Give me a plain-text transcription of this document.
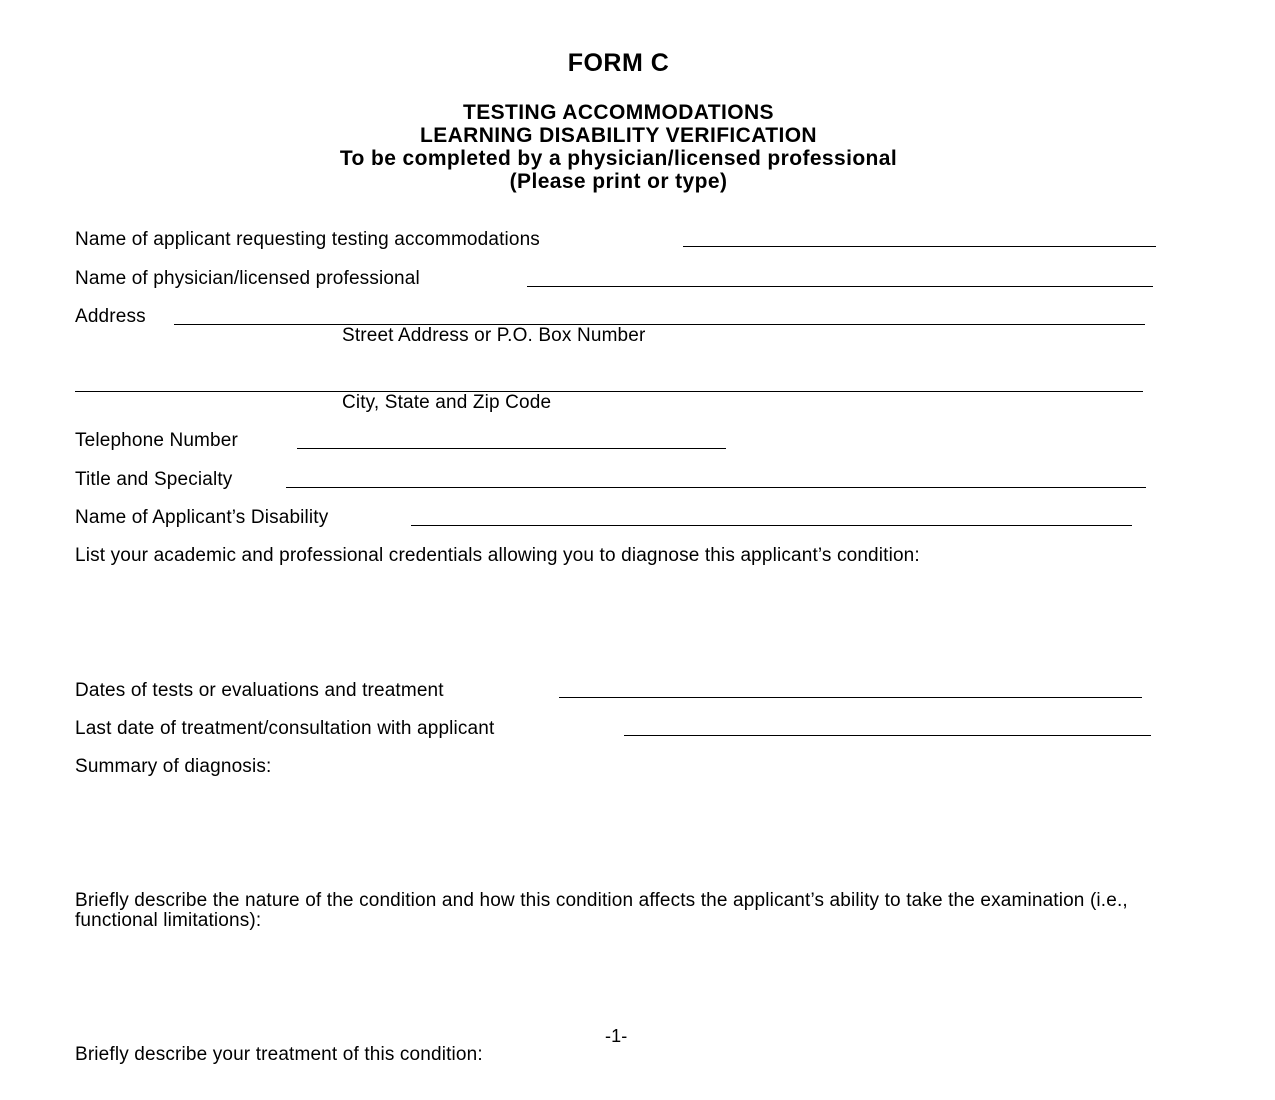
FORM C
TESTING ACCOMMODATIONS
LEARNING DISABILITY VERIFICATION
To be completed by a physician/licensed professional
(Please print or type)
Name of applicant requesting testing accommodations
Name of physician/licensed professional
Address
Street Address or P.O. Box Number
City, State and Zip Code
Telephone Number
Title and Specialty
Name of Applicant’s Disability
List your academic and professional credentials allowing you to diagnose this applicant’s condition:
Dates of tests or evaluations and treatment
Last date of treatment/consultation with applicant
Summary of diagnosis:
Briefly describe the nature of the condition and how this condition affects the applicant’s ability to take the examination (i.e., functional limitations):
-1-
Briefly describe your treatment of this condition:
